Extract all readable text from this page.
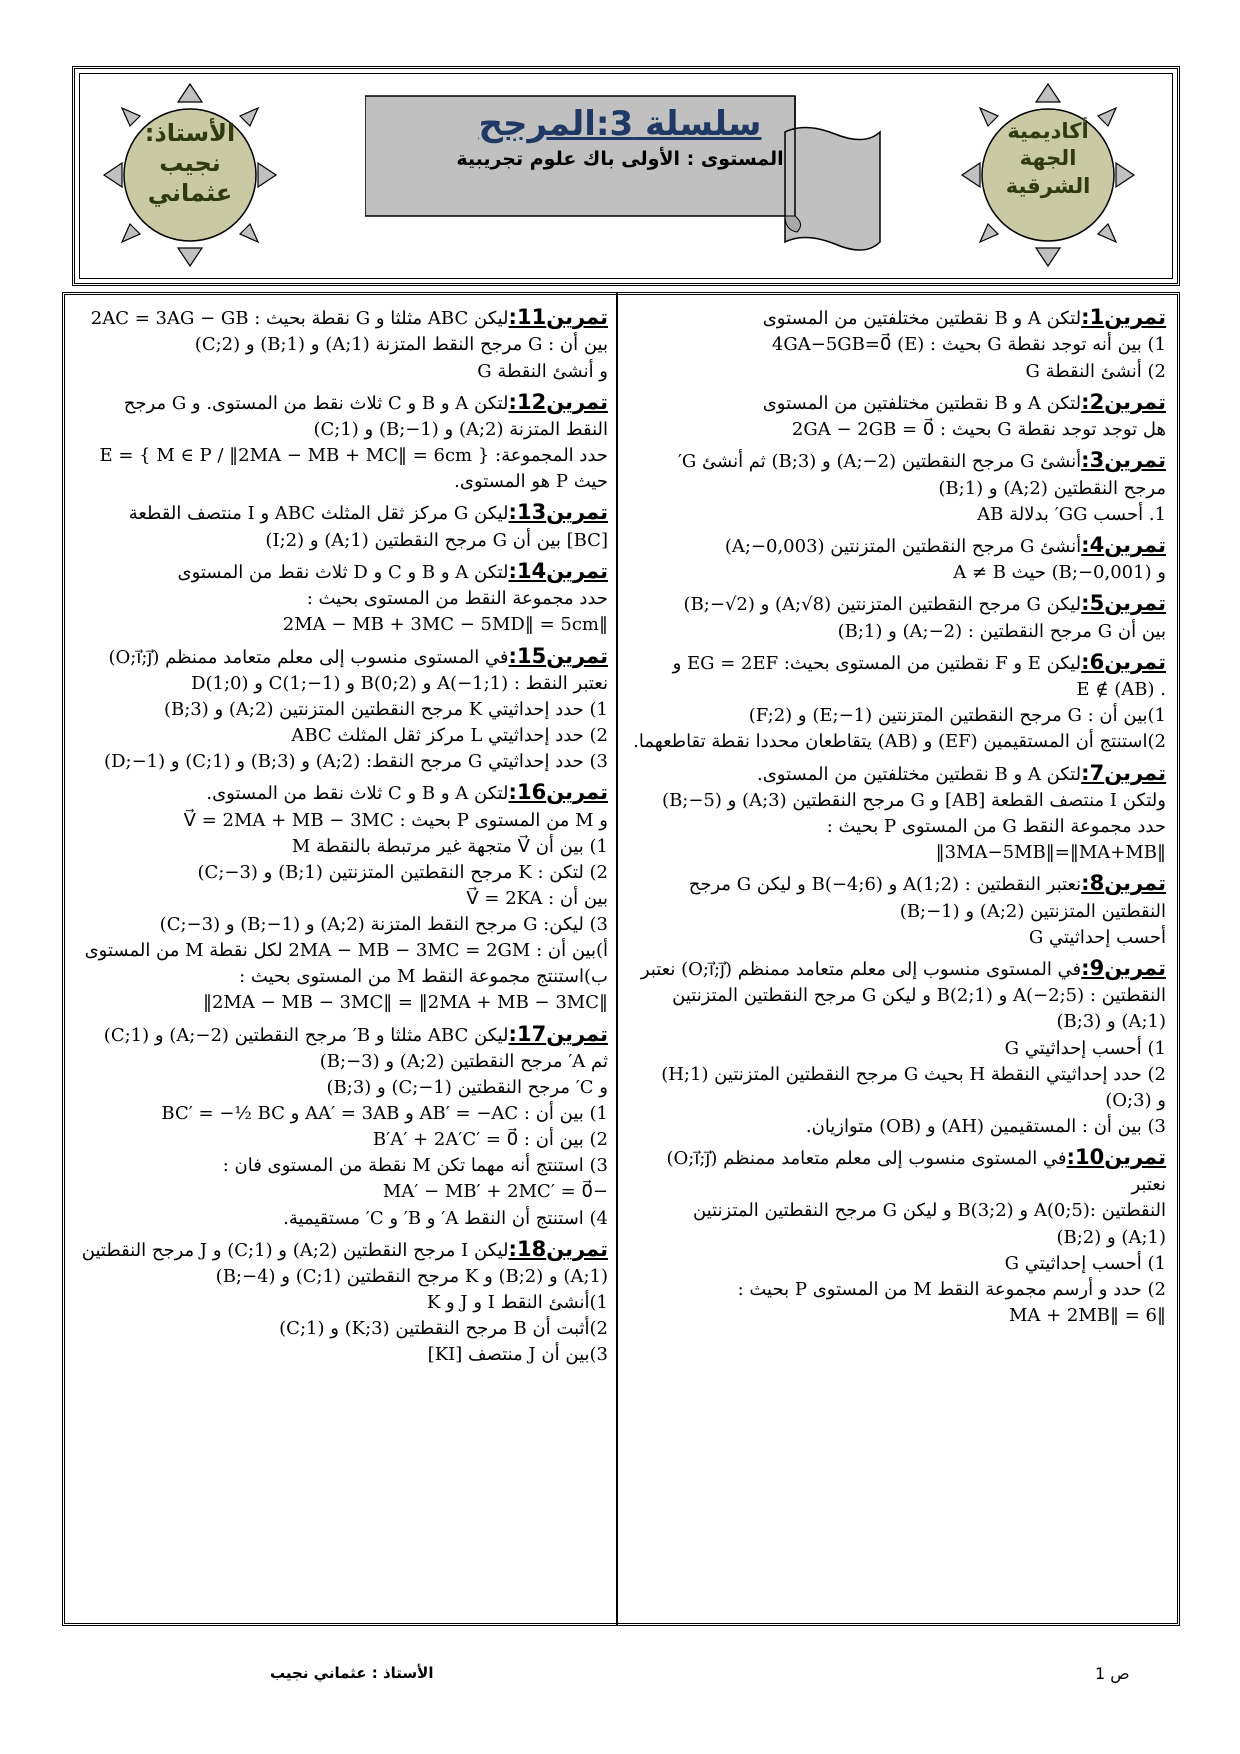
الأستاذ:
نجيب
عثماني
أكاديمية
الجهة
الشرقية
سلسلة 3:المرجح
المستوى : الأولى باك علوم تجريبية

تمرين1:لتكن A و B نقطتين مختلفتين من المستوى

1) بين أنه توجد نقطة G بحيث : 4GA−5GB=0⃗ (E)

2) أنشئ النقطة G

تمرين2:لتكن A و B نقطتين مختلفتين من المستوى

هل توجد توجد نقطة G بحيث : 2GA − 2GB = 0⃗

تمرين3:أنشئ G مرجح النقطتين (A;−2) و (B;3) ثم أنشئ G′

مرجح النقطتين (A;2) و (B;1)

1. أحسب GG′ بدلالة AB

تمرين4:أنشئ G مرجح النقطتين المتزنتين (A;−0,003)

و (B;−0,001) حيث A ≠ B

تمرين5:ليكن G مرجح النقطتين المتزنتين (A;√8) و (B;−√2)

بين أن G مرجح النقطتين : (A;−2) و (B;1)

تمرين6:ليكن E و F نقطتين من المستوى بحيث: EG = 2EF و

. E ∉ (AB)

1)بين أن : G مرجح النقطتين المتزنتين (E;−1) و (F;2)

2)استنتج أن المستقيمين (EF) و (AB) يتقاطعان محددا نقطة تقاطعهما.

تمرين7:لتكن A و B نقطتين مختلفتين من المستوى.

ولتكن I منتصف القطعة [AB] و G مرجح النقطتين (A;3) و (B;−5)

حدد مجموعة النقط G من المستوى P بحيث :

‖3MA−5MB‖=‖MA+MB‖

تمرين8:نعتبر النقطتين : A(1;2) و B(−4;6) و ليكن G مرجح

النقطتين المتزنتين (A;2) و (B;−1)

أحسب إحداثيتي G

تمرين9:في المستوى منسوب إلى معلم متعامد ممنظم (O;i⃗;j⃗) نعتبر

النقطتين : A(−2;5) و B(2;1) و ليكن G مرجح النقطتين المتزنتين

(A;1) و (B;3)

1) أحسب إحداثيتي G

2) حدد إحداثيتي النقطة H بحيث G مرجح النقطتين المتزنتين (H;1)

و (O;3)

3) بين أن : المستقيمين (AH) و (OB) متوازيان.

تمرين10:في المستوى منسوب إلى معلم متعامد ممنظم (O;i⃗;j⃗) نعتبر

النقطتين :A(0;5) و B(3;2) و ليكن G مرجح النقطتين المتزنتين

(A;1) و (B;2)

1) أحسب إحداثيتي G

2) حدد و أرسم مجموعة النقط M من المستوى P بحيث :

‖MA + 2MB‖ = 6

تمرين11:ليكن ABC مثلثا و G نقطة بحيث : 2AC = 3AG − GB

بين أن : G مرجح النقط المتزنة (A;1) و (B;1) و (C;2)

و أنشئ النقطة G

تمرين12:لتكن A و B و C ثلاث نقط من المستوى. و G مرجح

النقط المتزنة (A;2) و (B;−1) و (C;1)

حدد المجموعة: E = { M ∈ P / ‖2MA − MB + MC‖ = 6cm }

حيث P هو المستوى.

تمرين13:ليكن G مركز ثقل المثلث ABC و I منتصف القطعة

[BC] بين أن G مرجح النقطتين (A;1) و (I;2)

تمرين14:لتكن A و B و C و D ثلاث نقط من المستوى

حدد مجموعة النقط من المستوى بحيث :

‖2MA − MB + 3MC − 5MD‖ = 5cm

تمرين15:في المستوى منسوب إلى معلم متعامد ممنظم (O;i⃗;j⃗)

نعتبر النقط : A(−1;1) و B(0;2) و C(1;−1) و D(1;0)

1) حدد إحداثيتي K مرجح النقطتين المتزنتين (A;2) و (B;3)

2) حدد إحداثيتي L مركز ثقل المثلث ABC

3) حدد إحداثيتي G مرجح النقط: (A;2) و (B;3) و (C;1) و (D;−1)

تمرين16:لتكن A و B و C ثلاث نقط من المستوى.

و M من المستوى P بحيث : V⃗ = 2MA + MB − 3MC

1) بين أن V⃗ متجهة غير مرتبطة بالنقطة M

2) لتكن : K مرجح النقطتين المتزنتين (B;1) و (C;−3)

بين أن : V⃗ = 2KA

3) ليكن: G مرجح النقط المتزنة (A;2) و (B;−1) و (C;−3)

أ)بين أن : 2MA − MB − 3MC = 2GM لكل نقطة M من المستوى

ب)استنتج مجموعة النقط M من المستوى بحيث :

‖2MA − MB − 3MC‖ = ‖2MA + MB − 3MC‖

تمرين17:ليكن ABC مثلثا و B′ مرجح النقطتين (A;−2) و (C;1)

ثم A′ مرجح النقطتين (A;2) و (B;−3)

و C′ مرجح النقطتين (C;−1) و (B;3)

1) بين أن : AB′ = −AC و AA′ = 3AB و BC′ = −½ BC

2) بين أن : B′A′ + 2A′C′ = 0⃗

3) استنتج أنه مهما تكن M نقطة من المستوى فان :

−MA′ − MB′ + 2MC′ = 0⃗

4) استنتج أن النقط A′ و B′ و C′ مستقيمية.

تمرين18:ليكن I مرجح النقطتين (A;2) و (C;1) و J مرجح النقطتين

(A;1) و (B;2) و K مرجح النقطتين (C;1) و (B;−4)

1)أنشئ النقط I و J و K

2)أثبت أن B مرجح النقطتين (K;3) و (C;1)

3)بين أن J منتصف [KI]

ص 1
الأستاذ : عثماني نجيب
